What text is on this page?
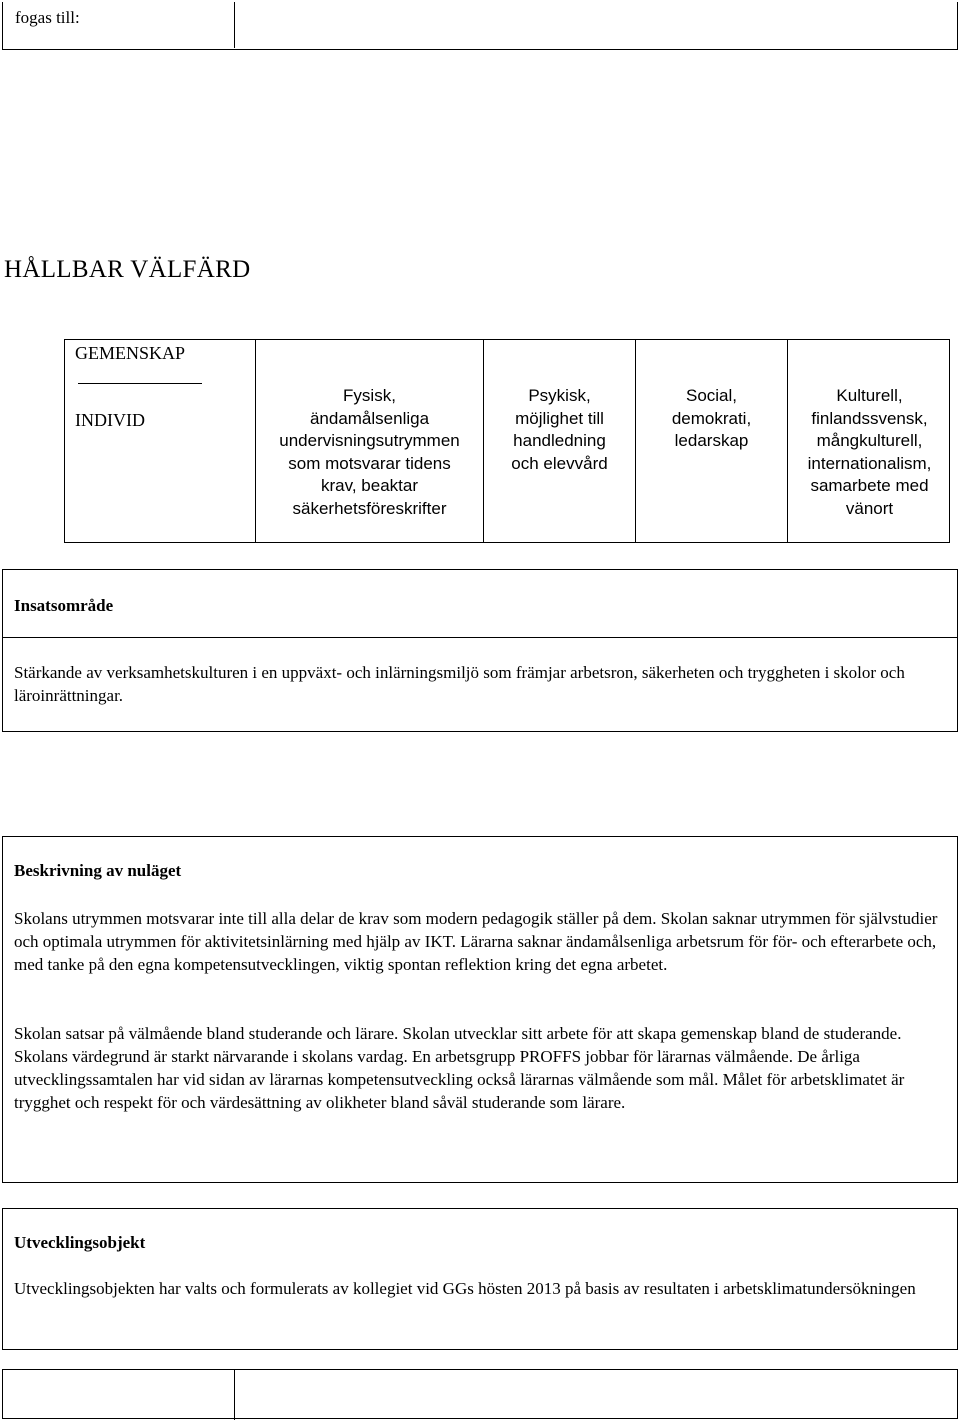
fogas till:
HÅLLBAR VÄLFÄRD
GEMENSKAP
INDIVID
Fysisk,
ändamålsenliga
undervisningsutrymmen
som motsvarar tidens
krav, beaktar
säkerhetsföreskrifter
Psykisk,
möjlighet till
handledning
och elevvård
Social,
demokrati,
ledarskap
Kulturell,
finlandssvensk,
mångkulturell,
internationalism,
samarbete med
vänort
Insatsområde
Stärkande av verksamhetskulturen i en uppväxt- och inlärningsmiljö som främjar arbetsron, säkerheten och tryggheten i skolor och läroinrättningar.
Beskrivning av nuläget
Skolans utrymmen motsvarar inte till alla delar de krav som modern pedagogik ställer på dem. Skolan saknar utrymmen för självstudier och optimala utrymmen för aktivitetsinlärning med hjälp av IKT. Lärarna saknar ändamålsenliga arbetsrum för för- och efterarbete och, med tanke på den egna kompetensutvecklingen, viktig spontan reflektion kring det egna arbetet.
Skolan satsar på välmående bland studerande och lärare. Skolan utvecklar sitt arbete för att skapa gemenskap bland de studerande. Skolans värdegrund är starkt närvarande i skolans vardag. En arbetsgrupp PROFFS jobbar för lärarnas välmående. De årliga utvecklingssamtalen har vid sidan av lärarnas kompetensutveckling också lärarnas välmående som mål. Målet för arbetsklimatet är trygghet och respekt för och värdesättning av olikheter bland såväl studerande som lärare.
Utvecklingsobjekt
Utvecklingsobjekten har valts och formulerats av kollegiet vid GGs hösten 2013 på basis av resultaten i arbetsklimatundersökningen
